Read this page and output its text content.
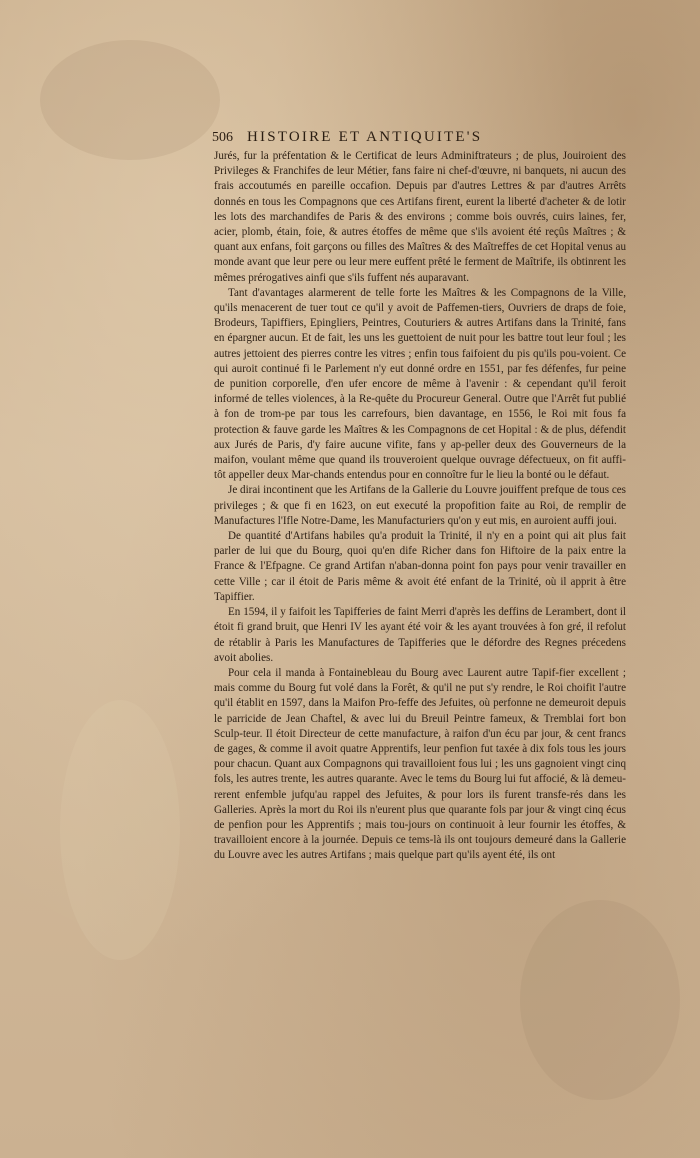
506 HISTOIRE ET ANTIQUITE'S

Jurés, fur la préfentation & le Certificat de leurs Adminiftrateurs ; de plus, Jouiroient des Privileges & Franchifes de leur Métier, fans faire ni chef-d'œuvre, ni banquets, ni aucun des frais accoutumés en pareille occafion. Depuis par d'autres Lettres & par d'autres Arrêts donnés en tous les Compagnons que ces Artifans firent, eurent la liberté d'acheter & de lotir les lots des marchandifes de Paris & des environs ; comme bois ouvrés, cuirs laines, fer, acier, plomb, étain, foie, & autres étoffes de même que s'ils avoient été reçûs Maîtres ; & quant aux enfans, foit garçons ou filles des Maîtres & des Maîtreffes de cet Hopital venus au monde avant que leur pere ou leur mere euffent prêté le ferment de Maîtrife, ils obtinrent les mêmes prérogatives ainfi que s'ils fuffent nés auparavant.

Tant d'avantages alarmerent de telle forte les Maîtres & les Compagnons de la Ville, qu'ils menacerent de tuer tout ce qu'il y avoit de Paffemen-tiers, Ouvriers de draps de foie, Brodeurs, Tapiffiers, Epingliers, Peintres, Couturiers & autres Artifans dans la Trinité, fans en épargner aucun. Et de fait, les uns les guettoient de nuit pour les battre tout leur foul ; les autres jettoient des pierres contre les vitres ; enfin tous faifoient du pis qu'ils pou-voient. Ce qui auroit continué fi le Parlement n'y eut donné ordre en 1551, par fes défenfes, fur peine de punition corporelle, d'en ufer encore de même à l'avenir : & cependant qu'il feroit informé de telles violences, à la Re-quête du Procureur General. Outre que l'Arrêt fut publié à fon de trom-pe par tous les carrefours, bien davantage, en 1556, le Roi mit fous fa protection & fauve garde les Maîtres & les Compagnons de cet Hopital : & de plus, défendit aux Jurés de Paris, d'y faire aucune vifite, fans y ap-peller deux des Gouverneurs de la maifon, voulant même que quand ils trouveroient quelque ouvrage défectueux, on fit auffi-tôt appeller deux Mar-chands entendus pour en connoître fur le lieu la bonté ou le défaut.

Je dirai incontinent que les Artifans de la Gallerie du Louvre jouiffent prefque de tous ces privileges ; & que fi en 1623, on eut executé la propofition faite au Roi, de remplir de Manufactures l'Ifle Notre-Dame, les Manufacturiers qu'on y eut mis, en auroient auffi joui.

De quantité d'Artifans habiles qu'a produit la Trinité, il n'y en a point qui ait plus fait parler de lui que du Bourg, quoi qu'en dife Richer dans fon Hiftoire de la paix entre la France & l'Efpagne. Ce grand Artifan n'aban-donna point fon pays pour venir travailler en cette Ville ; car il étoit de Paris même & avoit été enfant de la Trinité, où il apprit à être Tapiffier.

En 1594, il y faifoit les Tapifferies de faint Merri d'après les deffins de Lerambert, dont il étoit fi grand bruit, que Henri IV les ayant été voir & les ayant trouvées à fon gré, il refolut de rétablir à Paris les Manufactures de Tapifferies que le défordre des Regnes précedens avoit abolies.

Pour cela il manda à Fontainebleau du Bourg avec Laurent autre Tapif-fier excellent ; mais comme du Bourg fut volé dans la Forêt, & qu'il ne put s'y rendre, le Roi choifit l'autre qu'il établit en 1597, dans la Maifon Pro-feffe des Jefuites, où perfonne ne demeuroit depuis le parricide de Jean Chaftel, & avec lui du Breuil Peintre fameux, & Tremblai fort bon Sculp-teur. Il étoit Directeur de cette manufacture, à raifon d'un écu par jour, & cent francs de gages, & comme il avoit quatre Apprentifs, leur penfion fut taxée à dix fols tous les jours pour chacun. Quant aux Compagnons qui travailloient fous lui ; les uns gagnoient vingt cinq fols, les autres trente, les autres quarante. Avec le tems du Bourg lui fut affocié, & là demeu-rerent enfemble jufqu'au rappel des Jefuites, & pour lors ils furent transfe-rés dans les Galleries. Après la mort du Roi ils n'eurent plus que quarante fols par jour & vingt cinq écus de penfion pour les Apprentifs ; mais tou-jours on continuoit à leur fournir les étoffes, & travailloient encore à la journée. Depuis ce tems-là ils ont toujours demeuré dans la Gallerie du Louvre avec les autres Artifans ; mais quelque part qu'ils ayent été, ils ont
